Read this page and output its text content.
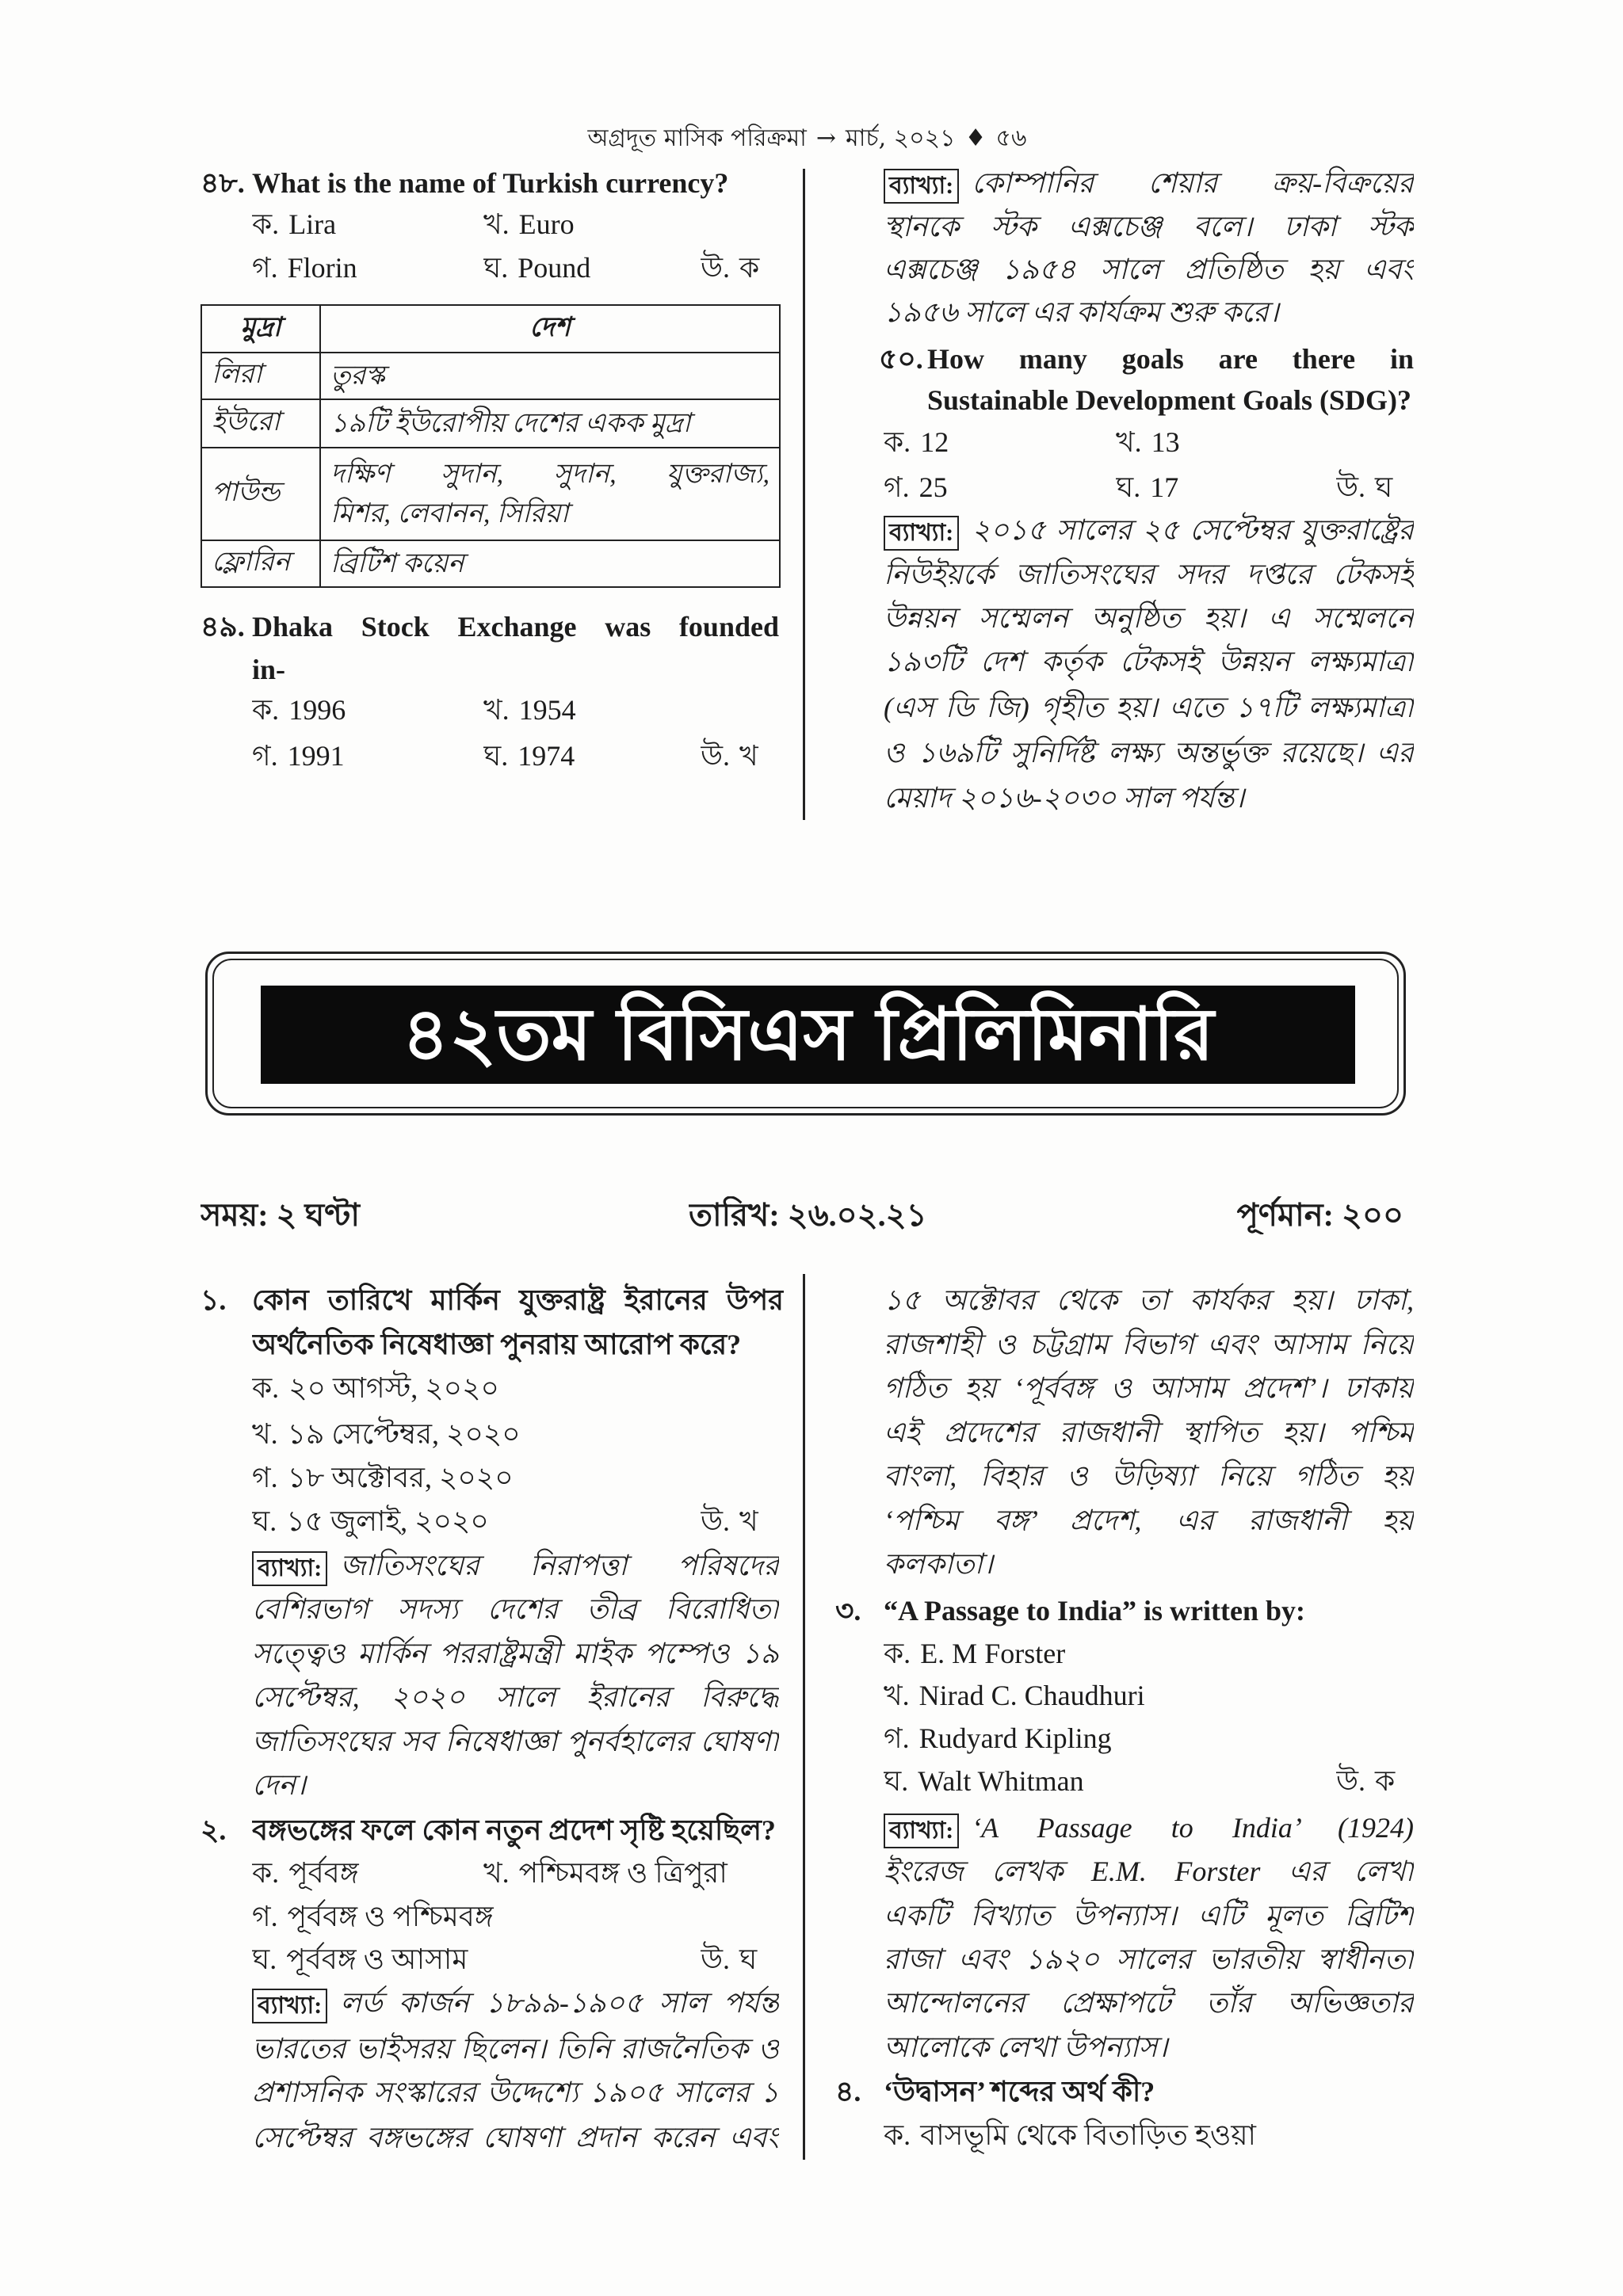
অগ্রদূত মাসিক পরিক্রমা → মার্চ, ২০২১ ♦ ৫৬
৪৮. What is the name of Turkish currency?
ক. Lira	খ. Euro
গ. Florin	ঘ. Pound	উ. ক
মুদ্রা	দেশ
লিরা	তুরস্ক

ইউরো	১৯টি ইউরোপীয় দেশের একক মুদ্রা

পাউন্ড	দক্ষিণ সুদান, সুদান, যুক্তরাজ্য,
মিশর, লেবানন, সিরিয়া

ফ্লোরিন	ব্রিটিশ কয়েন
৪৯. Dhaka Stock Exchange was founded
in-
ক. 1996	খ. 1954
গ. 1991	ঘ. 1974	উ. খ
ব্যাখ্যা: কোম্পানির শেয়ার ক্রয়-বিক্রয়ের
স্থানকে স্টক এক্সচেঞ্জ বলে। ঢাকা স্টক
এক্সচেঞ্জ ১৯৫৪ সালে প্রতিষ্ঠিত হয় এবং
১৯৫৬ সালে এর কার্যক্রম শুরু করে।
৫০. How many goals are there in
Sustainable Development Goals (SDG)?
ক. 12	খ. 13
গ. 25	ঘ. 17	উ. ঘ
ব্যাখ্যা: ২০১৫ সালের ২৫ সেপ্টেম্বর যুক্তরাষ্ট্রের
নিউইয়র্কে জাতিসংঘের সদর দপ্তরে টেকসই
উন্নয়ন সম্মেলন অনুষ্ঠিত হয়। এ সম্মেলনে
১৯৩টি দেশ কর্তৃক টেকসই উন্নয়ন লক্ষ্যমাত্রা
(এস ডি জি) গৃহীত হয়। এতে ১৭টি লক্ষ্যমাত্রা
ও ১৬৯টি সুনির্দিষ্ট লক্ষ্য অন্তর্ভুক্ত রয়েছে। এর
মেয়াদ ২০১৬-২০৩০ সাল পর্যন্ত।
৪২তম বিসিএস প্রিলিমিনারি
সময়: ২ ঘণ্টা	তারিখ: ২৬.০২.২১	পূর্ণমান: ২০০
১. কোন তারিখে মার্কিন যুক্তরাষ্ট্র ইরানের উপর
অর্থনৈতিক নিষেধাজ্ঞা পুনরায় আরোপ করে?
ক. ২০ আগস্ট, ২০২০
খ. ১৯ সেপ্টেম্বর, ২০২০
গ. ১৮ অক্টোবর, ২০২০
ঘ. ১৫ জুলাই, ২০২০	উ. খ
ব্যাখ্যা: জাতিসংঘের নিরাপত্তা পরিষদের
বেশিরভাগ সদস্য দেশের তীব্র বিরোধিতা
সত্ত্বেও মার্কিন পররাষ্ট্রমন্ত্রী মাইক পম্পেও ১৯
সেপ্টেম্বর, ২০২০ সালে ইরানের বিরুদ্ধে
জাতিসংঘের সব নিষেধাজ্ঞা পুনর্বহালের ঘোষণা
দেন।
২. বঙ্গভঙ্গের ফলে কোন নতুন প্রদেশ সৃষ্টি হয়েছিল?
ক. পূর্ববঙ্গ	খ. পশ্চিমবঙ্গ ও ত্রিপুরা
গ. পূর্ববঙ্গ ও পশ্চিমবঙ্গ
ঘ. পূর্ববঙ্গ ও আসাম	উ. ঘ
ব্যাখ্যা: লর্ড কার্জন ১৮৯৯-১৯০৫ সাল পর্যন্ত
ভারতের ভাইসরয় ছিলেন। তিনি রাজনৈতিক ও
প্রশাসনিক সংস্কারের উদ্দেশ্যে ১৯০৫ সালের ১
সেপ্টেম্বর বঙ্গভঙ্গের ঘোষণা প্রদান করেন এবং
১৫ অক্টোবর থেকে তা কার্যকর হয়। ঢাকা,
রাজশাহী ও চট্টগ্রাম বিভাগ এবং আসাম নিয়ে
গঠিত হয় ‘পূর্ববঙ্গ ও আসাম প্রদেশ’। ঢাকায়
এই প্রদেশের রাজধানী স্থাপিত হয়। পশ্চিম
বাংলা, বিহার ও উড়িষ্যা নিয়ে গঠিত হয়
‘পশ্চিম বঙ্গ’ প্রদেশ, এর রাজধানী হয়
কলকাতা।
৩. “A Passage to India” is written by:
ক. E. M Forster
খ. Nirad C. Chaudhuri
গ. Rudyard Kipling
ঘ. Walt Whitman	উ. ক
ব্যাখ্যা: ‘A Passage to India’ (1924)
ইংরেজ লেখক E.M. Forster এর লেখা
একটি বিখ্যাত উপন্যাস। এটি মূলত ব্রিটিশ
রাজা এবং ১৯২০ সালের ভারতীয় স্বাধীনতা
আন্দোলনের প্রেক্ষাপটে তাঁর অভিজ্ঞতার
আলোকে লেখা উপন্যাস।
৪. ‘উদ্বাসন’ শব্দের অর্থ কী?
ক. বাসভূমি থেকে বিতাড়িত হওয়া
